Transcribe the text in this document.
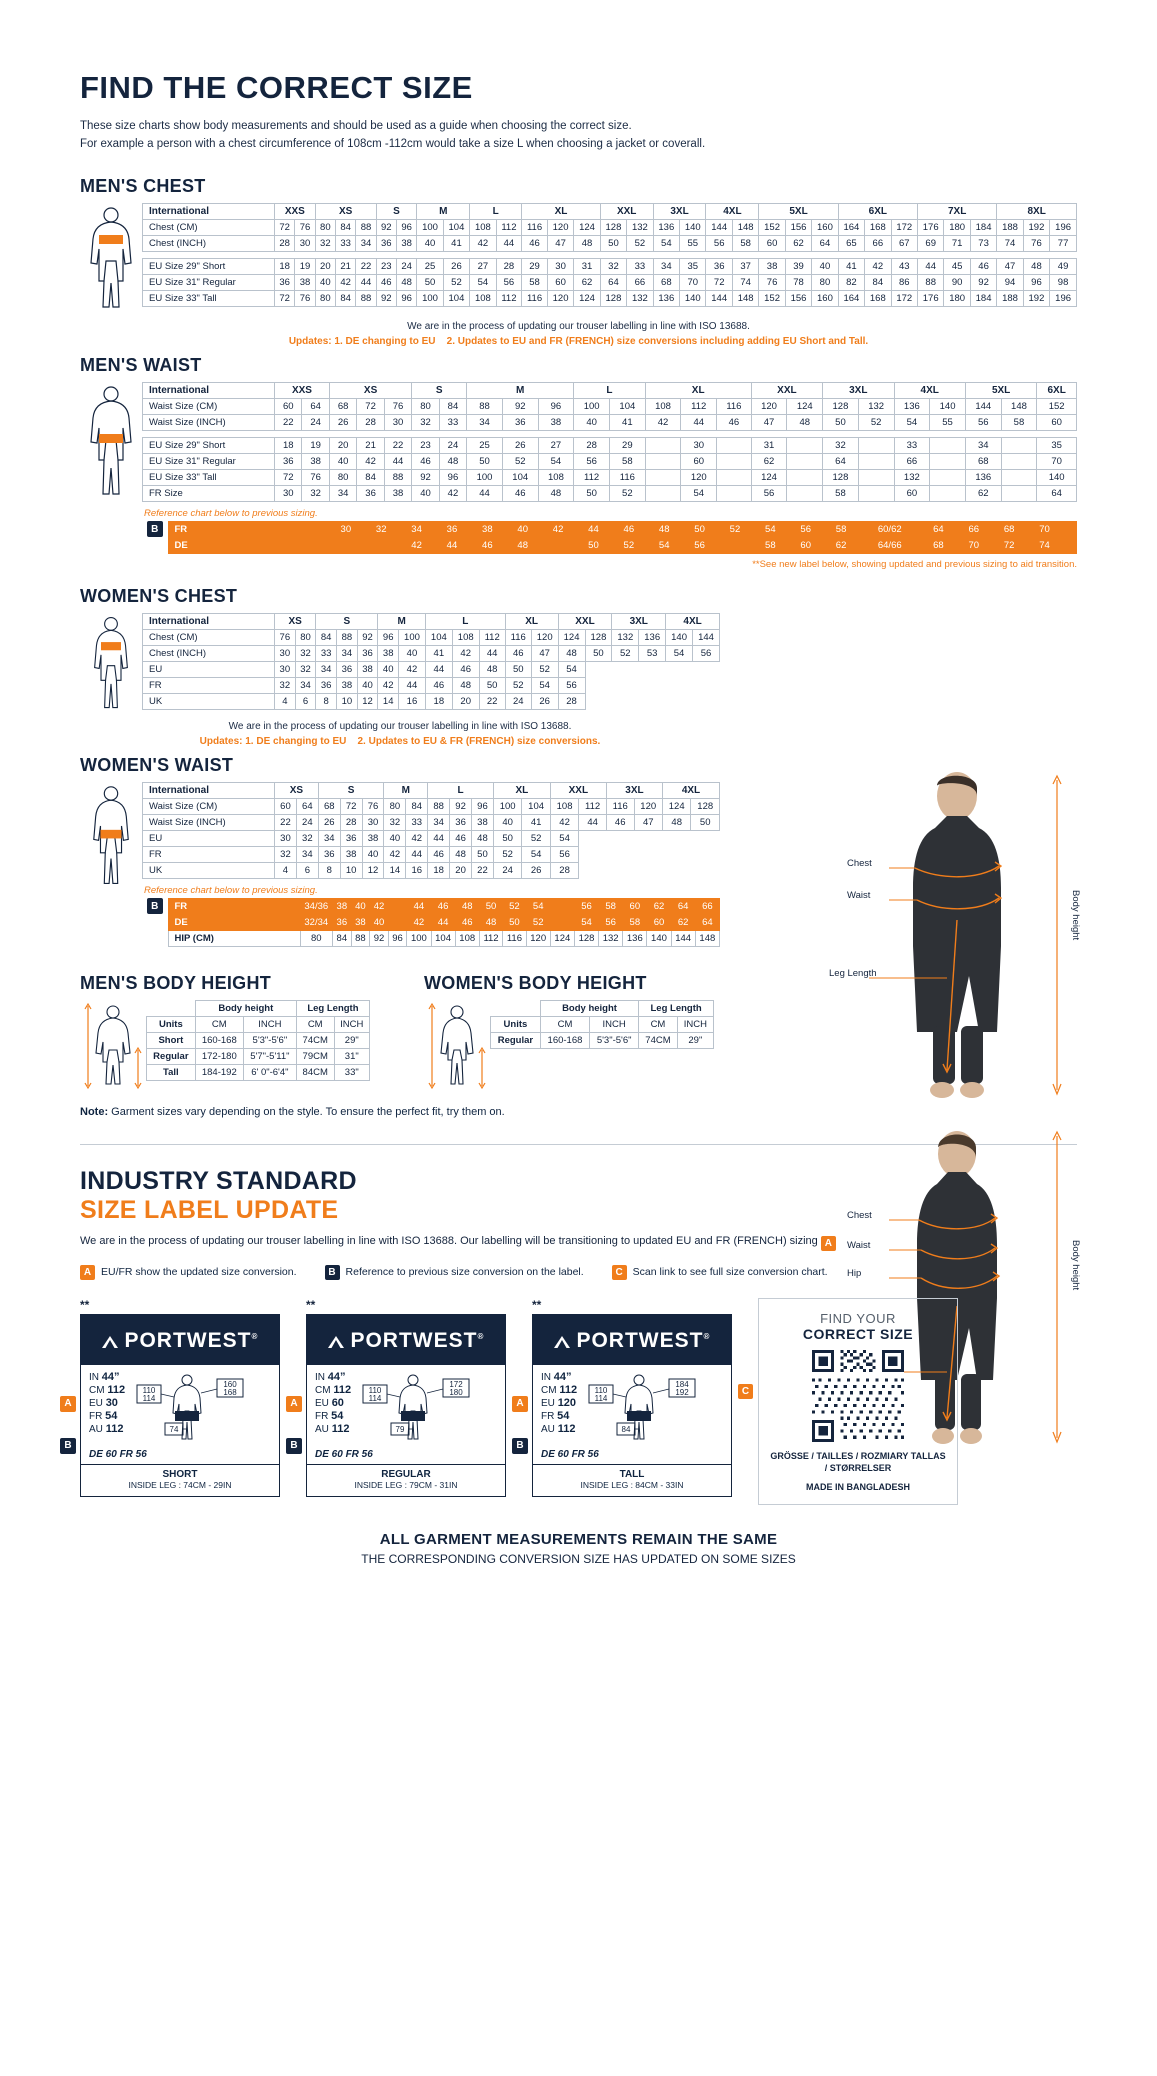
FIND THE CORRECT SIZE
These size charts show body measurements and should be used as a guide when choosing the correct size.
For example a person with a chest circumference of 108cm -112cm would take a size L when choosing a jacket or coverall.
MEN'S CHEST
International	XXS		XS			S		M		L		XL			XXL		3XL		4XL		5XL			6XL			7XL			8XL		
Chest (CM)	72	76	80	84	88	92	96	100	104	108	112	116	120	124	128	132	136	140	144	148	152	156	160	164	168	172	176	180	184	188	192	196
Chest (INCH)	28	30	32	33	34	36	38	40	41	42	44	46	47	48	50	52	54	55	56	58	60	62	64	65	66	67	69	71	73	74	76	77

EU Size 29" Short	18	19	20	21	22	23	24	25	26	27	28	29	30	31	32	33	34	35	36	37	38	39	40	41	42	43	44	45	46	47	48	49
EU Size 31" Regular	36	38	40	42	44	46	48	50	52	54	56	58	60	62	64	66	68	70	72	74	76	78	80	82	84	86	88	90	92	94	96	98
EU Size 33" Tall	72	76	80	84	88	92	96	100	104	108	112	116	120	124	128	132	136	140	144	148	152	156	160	164	168	172	176	180	184	188	192	196
We are in the process of updating our trouser labelling in line with ISO 13688.
Updates: 1. DE changing to EU 2. Updates to EU and FR (FRENCH) size conversions including adding EU Short and Tall.
MEN'S WAIST
International	XXS		XS			S		M			L		XL			XXL		3XL		4XL		5XL		6XL
Waist Size (CM)	60	64	68	72	76	80	84	88	92	96	100	104	108	112	116	120	124	128	132	136	140	144	148	152
Waist Size (INCH)	22	24	26	28	30	32	33	34	36	38	40	41	42	44	46	47	48	50	52	54	55	56	58	60

EU Size 29" Short	18	19	20	21	22	23	24	25	26	27	28	29		30		31		32		33		34		35
EU Size 31" Regular	36	38	40	42	44	46	48	50	52	54	56	58		60		62		64		66		68		70
EU Size 33" Tall	72	76	80	84	88	92	96	100	104	108	112	116		120		124		128		132		136		140
FR Size	30	32	34	36	38	40	42	44	46	48	50	52		54		56		58		60		62		64
Reference chart below to previous sizing.
B	FR			30	32	34	36	38	40	42	44	46	48	50	52	54	56	58	60/62	64	66	68	70	
	DE					42	44	46	48		50	52	54	56		58	60	62	64/66	68	70	72	74	
**See new label below, showing updated and previous sizing to aid transition.
WOMEN'S CHEST
International	XS		S			M		L			XL		XXL		3XL		4XL	
Chest (CM)	76	80	84	88	92	96	100	104	108	112	116	120	124	128	132	136	140	144
Chest (INCH)	30	32	33	34	36	38	40	41	42	44	46	47	48	50	52	53	54	56
EU	30	32	34	36	38	40	42	44	46	48	50	52	54					
FR	32	34	36	38	40	42	44	46	48	50	52	54	56					
UK	4	6	8	10	12	14	16	18	20	22	24	26	28					
We are in the process of updating our trouser labelling in line with ISO 13688.
Updates: 1. DE changing to EU 2. Updates to EU & FR (FRENCH) size conversions.
WOMEN'S WAIST
International	XS		S			M		L			XL		XXL		3XL		4XL	
Waist Size (CM)	60	64	68	72	76	80	84	88	92	96	100	104	108	112	116	120	124	128
Waist Size (INCH)	22	24	26	28	30	32	33	34	36	38	40	41	42	44	46	47	48	50
EU	30	32	34	36	38	40	42	44	46	48	50	52	54					
FR	32	34	36	38	40	42	44	46	48	50	52	54	56					
UK	4	6	8	10	12	14	16	18	20	22	24	26	28					
Reference chart below to previous sizing.
B	FR	34/36	38	40	42		44	46	48	50	52	54		56	58	60	62	64	66
	DE	32/34	36	38	40		42	44	46	48	50	52		54	56	58	60	62	64
	HIP (CM)	80	84	88	92	96	100	104	108	112	116	120	124	128	132	136	140	144	148
MEN'S BODY HEIGHT
	Body height		Leg Length	
Units	CM	INCH	CM	INCH
Short	160-168	5'3"-5'6"	74CM	29"
Regular	172-180	5'7"-5'11"	79CM	31"
Tall	184-192	6' 0"-6'4"	84CM	33"
WOMEN'S BODY HEIGHT
	Body height		Leg Length	
Units	CM	INCH	CM	INCH
Regular	160-168	5'3"-5'6"	74CM	29"
Note: Garment sizes vary depending on the style. To ensure the perfect fit, try them on.
Chest
Waist
Leg Length
Body height
Chest
Waist
Hip	Body height
INDUSTRY STANDARD
SIZE LABEL UPDATE
We are in the process of updating our trouser labelling in line with ISO 13688. Our labelling will be transitioning to updated EU and FR (FRENCH) sizing A
A EU/FR show the updated size conversion.	B Reference to previous size conversion on the label.	C Scan link to see full size conversion chart.
**
PORTWEST®
IN 44”
CM 112
EU 30
FR 54
AU 112
110
114
160
168
74
DE 60 FR 56
SHORT
INSIDE LEG : 74CM - 29IN
A
B
**
PORTWEST®
IN 44”
CM 112
EU 60
FR 54
AU 112
110
114
172
180
79
DE 60 FR 56
REGULAR
INSIDE LEG : 79CM - 31IN
A
B
**
PORTWEST®
IN 44”
CM 112
EU 120
FR 54
AU 112
110
114
184
192
84
DE 60 FR 56
TALL
INSIDE LEG : 84CM - 33IN
A
B
C
FIND YOUR
CORRECT SIZE
GRÖSSE / TAILLES / ROZMIARY TALLAS / STØRRELSER
MADE IN BANGLADESH
ALL GARMENT MEASUREMENTS REMAIN THE SAME
THE CORRESPONDING CONVERSION SIZE HAS UPDATED ON SOME SIZES
